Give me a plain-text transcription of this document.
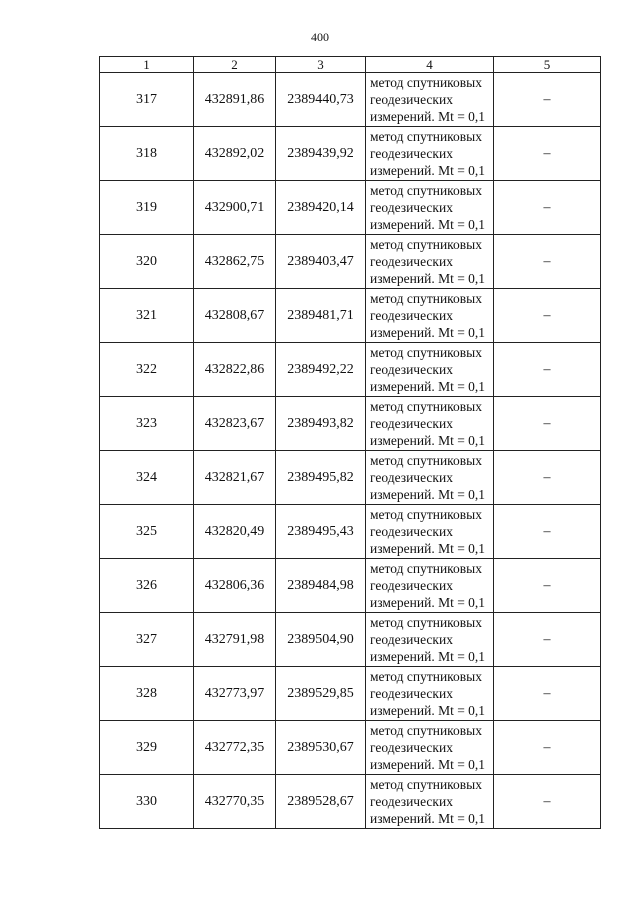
400
1	2	3	4	5
317	432891,86	2389440,73	метод спутниковых
геодезических
измерений. Mt = 0,1	–
318	432892,02	2389439,92	метод спутниковых
геодезических
измерений. Mt = 0,1	–
319	432900,71	2389420,14	метод спутниковых
геодезических
измерений. Mt = 0,1	–
320	432862,75	2389403,47	метод спутниковых
геодезических
измерений. Mt = 0,1	–
321	432808,67	2389481,71	метод спутниковых
геодезических
измерений. Mt = 0,1	–
322	432822,86	2389492,22	метод спутниковых
геодезических
измерений. Mt = 0,1	–
323	432823,67	2389493,82	метод спутниковых
геодезических
измерений. Mt = 0,1	–
324	432821,67	2389495,82	метод спутниковых
геодезических
измерений. Mt = 0,1	–
325	432820,49	2389495,43	метод спутниковых
геодезических
измерений. Mt = 0,1	–
326	432806,36	2389484,98	метод спутниковых
геодезических
измерений. Mt = 0,1	–
327	432791,98	2389504,90	метод спутниковых
геодезических
измерений. Mt = 0,1	–
328	432773,97	2389529,85	метод спутниковых
геодезических
измерений. Mt = 0,1	–
329	432772,35	2389530,67	метод спутниковых
геодезических
измерений. Mt = 0,1	–
330	432770,35	2389528,67	метод спутниковых
геодезических
измерений. Mt = 0,1	–
